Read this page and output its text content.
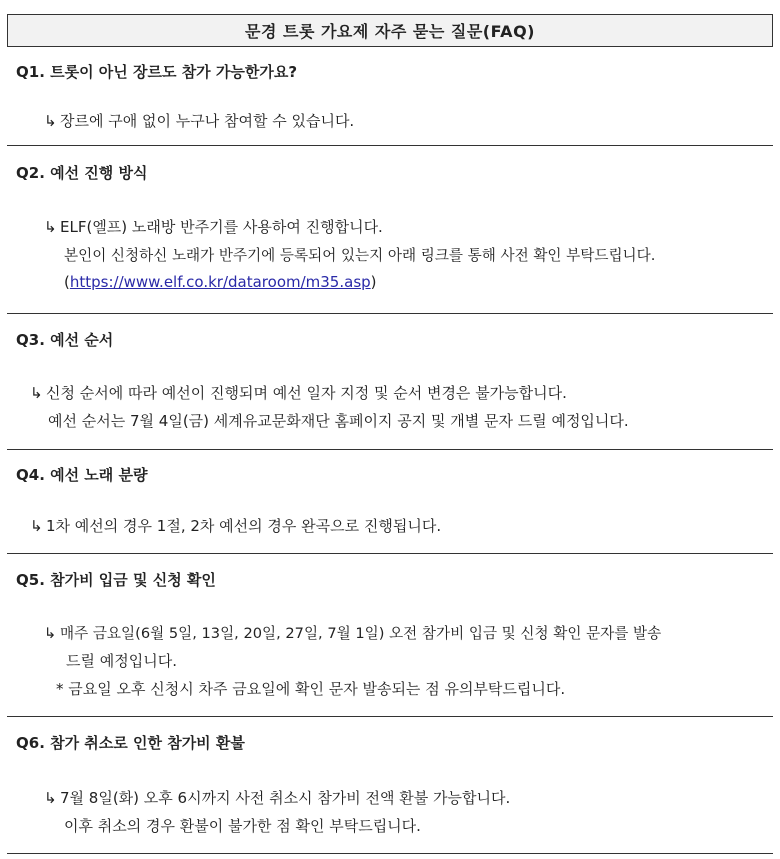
문경 트롯 가요제 자주 묻는 질문(FAQ)
Q1. 트롯이 아닌 장르도 참가 가능한가요?
↳ 장르에 구애 없이 누구나 참여할 수 있습니다.
Q2. 예선 진행 방식
↳ ELF(엘프) 노래방 반주기를 사용하여 진행합니다.
본인이 신청하신 노래가 반주기에 등록되어 있는지 아래 링크를 통해 사전 확인 부탁드립니다.
(https://www.elf.co.kr/dataroom/m35.asp)
Q3. 예선 순서
↳ 신청 순서에 따라 예선이 진행되며 예선 일자 지정 및 순서 변경은 불가능합니다.
예선 순서는 7월 4일(금) 세계유교문화재단 홈페이지 공지 및 개별 문자 드릴 예정입니다.
Q4. 예선 노래 분량
↳ 1차 예선의 경우 1절, 2차 예선의 경우 완곡으로 진행됩니다.
Q5. 참가비 입금 및 신청 확인
↳ 매주 금요일(6월 5일, 13일, 20일, 27일, 7월 1일) 오전 참가비 입금 및 신청 확인 문자를 발송
드릴 예정입니다.
* 금요일 오후 신청시 차주 금요일에 확인 문자 발송되는 점 유의부탁드립니다.
Q6. 참가 취소로 인한 참가비 환불
↳ 7월 8일(화) 오후 6시까지 사전 취소시 참가비 전액 환불 가능합니다.
이후 취소의 경우 환불이 불가한 점 확인 부탁드립니다.
